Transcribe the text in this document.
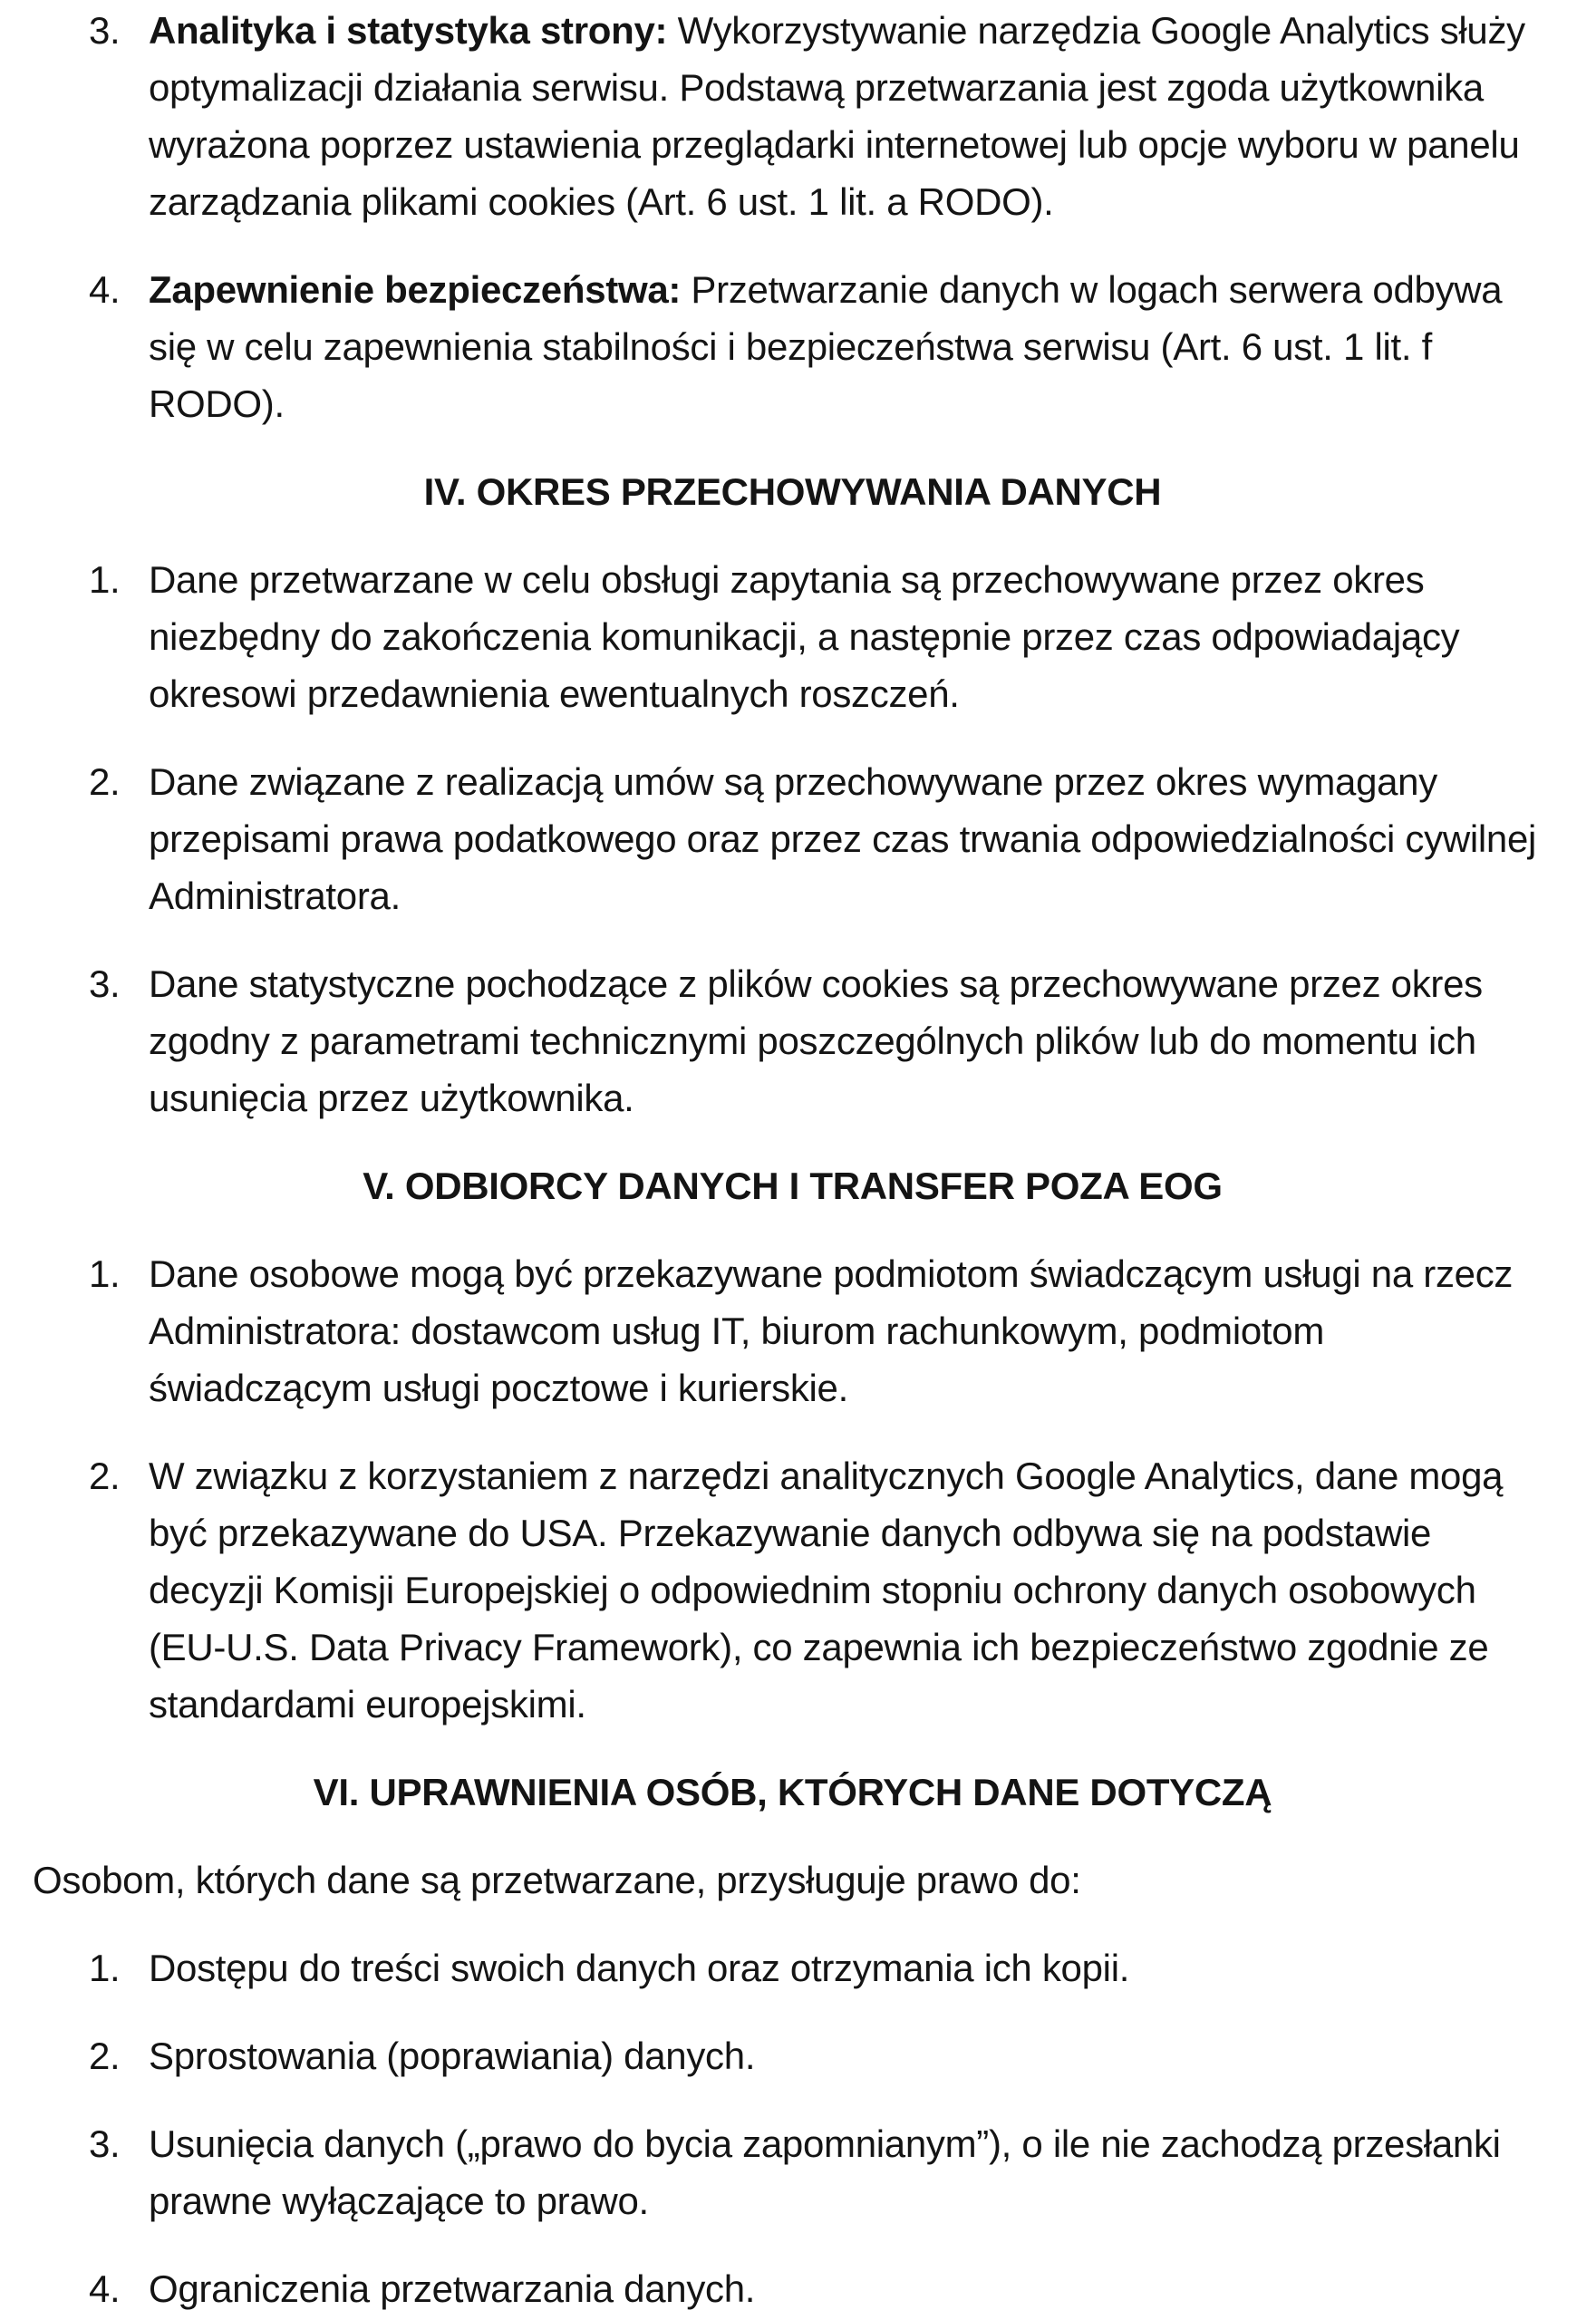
3. Analityka i statystyka strony: Wykorzystywanie narzędzia Google Analytics służy optymalizacji działania serwisu. Podstawą przetwarzania jest zgoda użytkownika wyrażona poprzez ustawienia przeglądarki internetowej lub opcje wyboru w panelu zarządzania plikami cookies (Art. 6 ust. 1 lit. a RODO).
4. Zapewnienie bezpieczeństwa: Przetwarzanie danych w logach serwera odbywa się w celu zapewnienia stabilności i bezpieczeństwa serwisu (Art. 6 ust. 1 lit. f RODO).
IV. OKRES PRZECHOWYWANIA DANYCH
1. Dane przetwarzane w celu obsługi zapytania są przechowywane przez okres niezbędny do zakończenia komunikacji, a następnie przez czas odpowiadający okresowi przedawnienia ewentualnych roszczeń.
2. Dane związane z realizacją umów są przechowywane przez okres wymagany przepisami prawa podatkowego oraz przez czas trwania odpowiedzialności cywilnej Administratora.
3. Dane statystyczne pochodzące z plików cookies są przechowywane przez okres zgodny z parametrami technicznymi poszczególnych plików lub do momentu ich usunięcia przez użytkownika.
V. ODBIORCY DANYCH I TRANSFER POZA EOG
1. Dane osobowe mogą być przekazywane podmiotom świadczącym usługi na rzecz Administratora: dostawcom usług IT, biurom rachunkowym, podmiotom świadczącym usługi pocztowe i kurierskie.
2. W związku z korzystaniem z narzędzi analitycznych Google Analytics, dane mogą być przekazywane do USA. Przekazywanie danych odbywa się na podstawie decyzji Komisji Europejskiej o odpowiednim stopniu ochrony danych osobowych (EU-U.S. Data Privacy Framework), co zapewnia ich bezpieczeństwo zgodnie ze standardami europejskimi.
VI. UPRAWNIENIA OSÓB, KTÓRYCH DANE DOTYCZĄ
Osobom, których dane są przetwarzane, przysługuje prawo do:
1. Dostępu do treści swoich danych oraz otrzymania ich kopii.
2. Sprostowania (poprawiania) danych.
3. Usunięcia danych („prawo do bycia zapomnianym”), o ile nie zachodzą przesłanki prawne wyłączające to prawo.
4. Ograniczenia przetwarzania danych.
